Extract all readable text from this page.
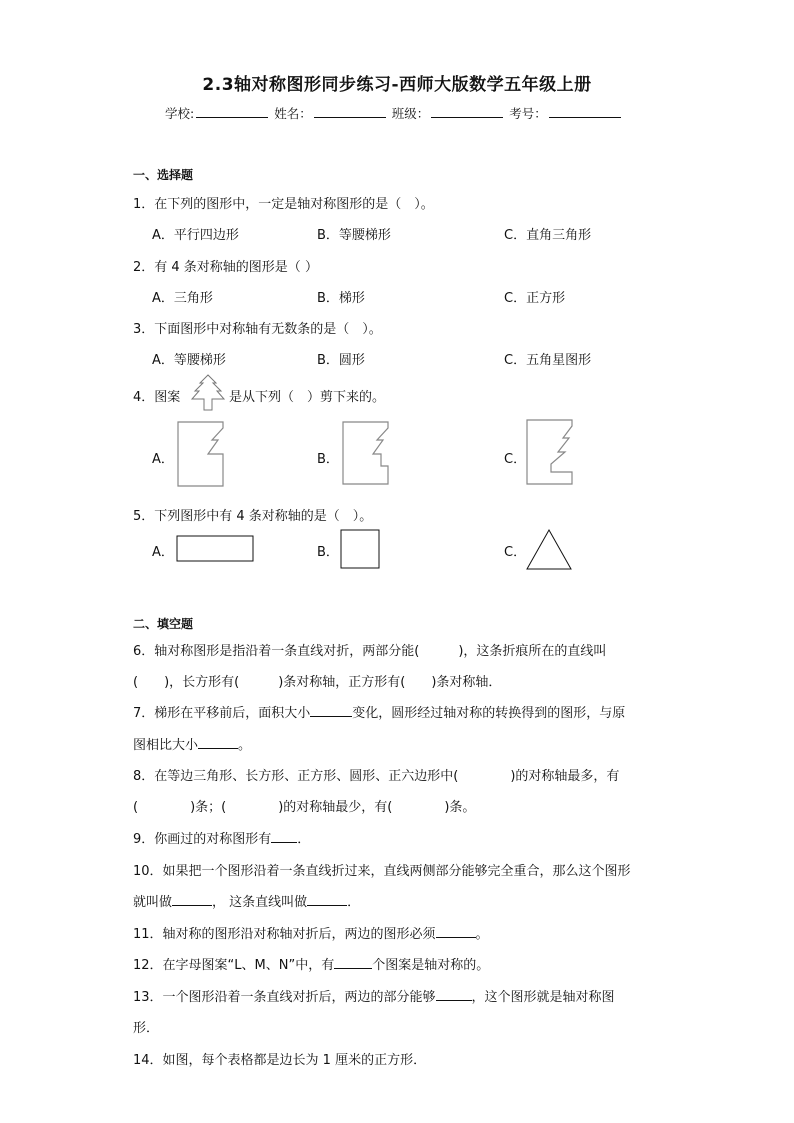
2.3轴对称图形同步练习-西师大版数学五年级上册
学校:	姓名：	班级：	考号：
一、选择题
1．在下列的图形中，一定是轴对称图形的是（　）。
A．平行四边形	B．等腰梯形	C．直角三角形
2．有 4 条对称轴的图形是（ ）
A．三角形	B．梯形	C．正方形
3．下面图形中对称轴有无数条的是（　）。
A．等腰梯形	B．圆形	C．五角星图形
4．图案	是从下列（　）剪下来的。
A．	B．	C．
5．下列图形中有 4 条对称轴的是（　）。
A．	B．	C．
二、填空题
6．轴对称图形是指沿着一条直线对折，两部分能(　　　)，这条折痕所在的直线叫
(　　)，长方形有(　　　)条对称轴，正方形有(　　)条对称轴．
7．梯形在平移前后，面积大小	变化，圆形经过轴对称的转换得到的图形，与原
图相比大小	。
8．在等边三角形、长方形、正方形、圆形、正六边形中(　　　　)的对称轴最多，有
(　　　　)条；(　　　　)的对称轴最少，有(　　　　)条。
9．你画过的对称图形有 ．
10．如果把一个图形沿着一条直线折过来，直线两侧部分能够完全重合，那么这个图形
就叫做	， 这条直线叫做	．
11．轴对称的图形沿对称轴对折后，两边的图形必须	。
12．在字母图案“L、M、N”中，有	个图案是轴对称的。
13．一个图形沿着一条直线对折后，两边的部分能够	，这个图形就是轴对称图
形．
14．如图，每个表格都是边长为 1 厘米的正方形．
